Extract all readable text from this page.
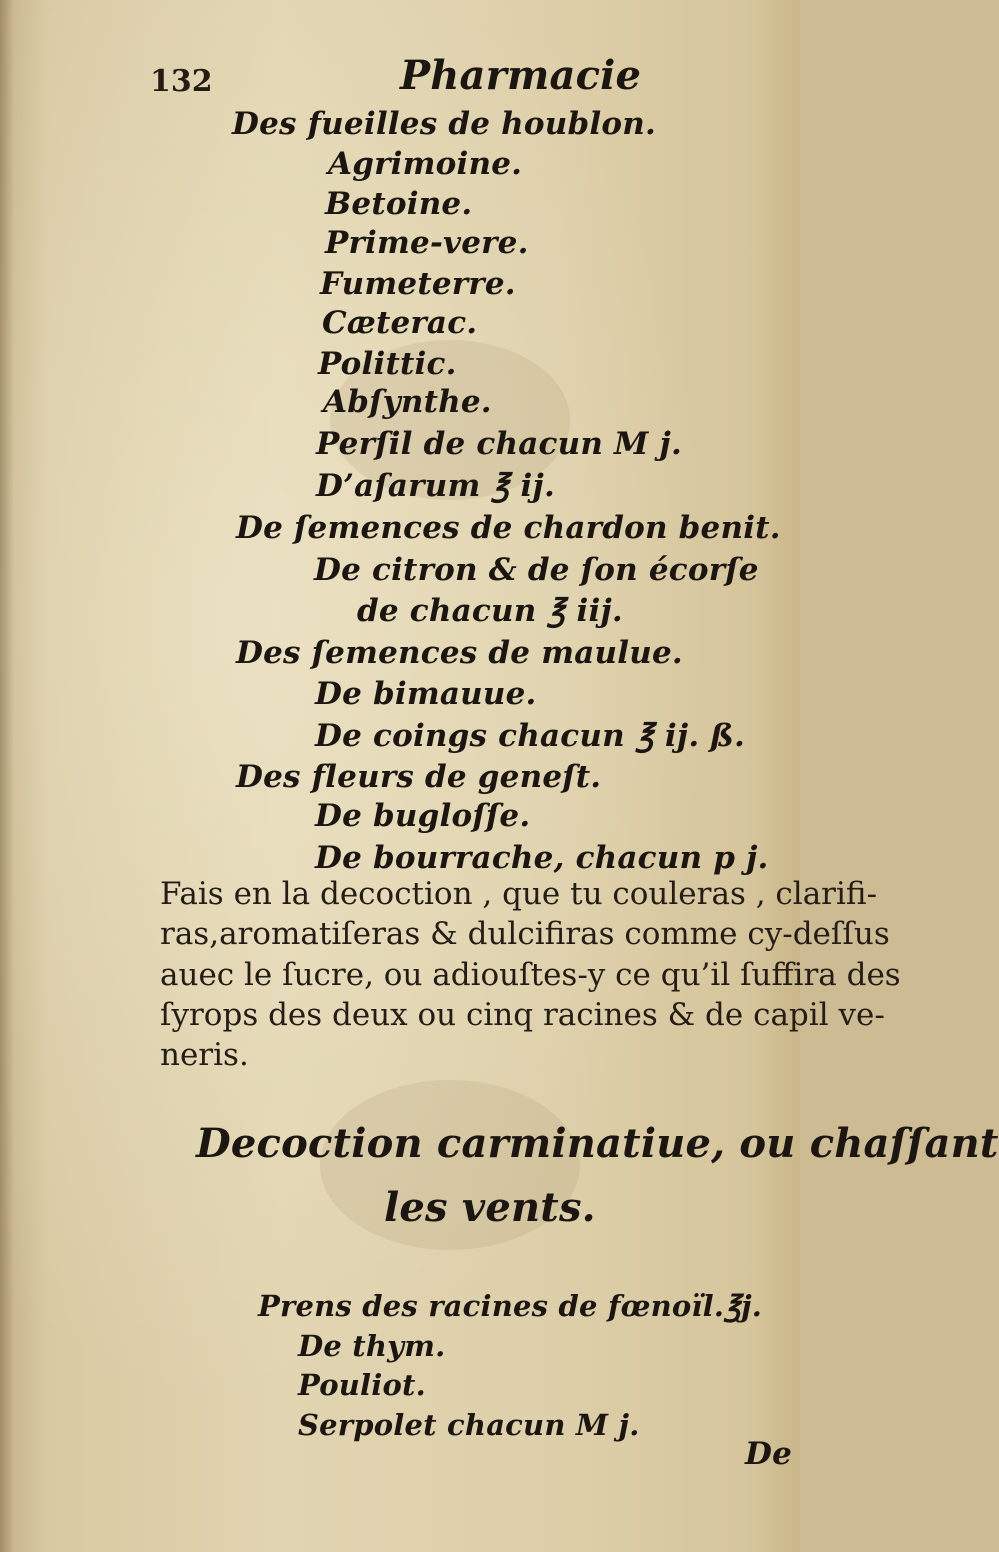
132	Pharmacie
Des fueilles de houblon.
Agrimoine.
Betoine.
Prime-vere.
Fumeterre.
Cæterac.
Polittic.
Abſynthe.
Perſil de chacun M j.
D’aſarum ℥ ij.
De ſemences de chardon benit.
De citron & de ſon écorſe
de chacun ℥ iij.
Des ſemences de maulue.
De bimauue.
De coings chacun ℥ ij. ß.
Des fleurs de geneſt.
De bugloſſe.
De bourrache, chacun p j.
Fais en la decoction , que tu couleras , clarifi-
ras,aromatiſeras & dulcifiras comme cy-deſſus
auec le ſucre, ou adiouſtes-y ce qu’il ſuffira des
ſyrops des deux ou cinq racines & de capil ve-
neris.
Decoction carminatiue, ou chaſſant
les vents.
Prens des racines de fœnoïl.℥j.
De thym.
Pouliot.
Serpolet chacun M j.
De
